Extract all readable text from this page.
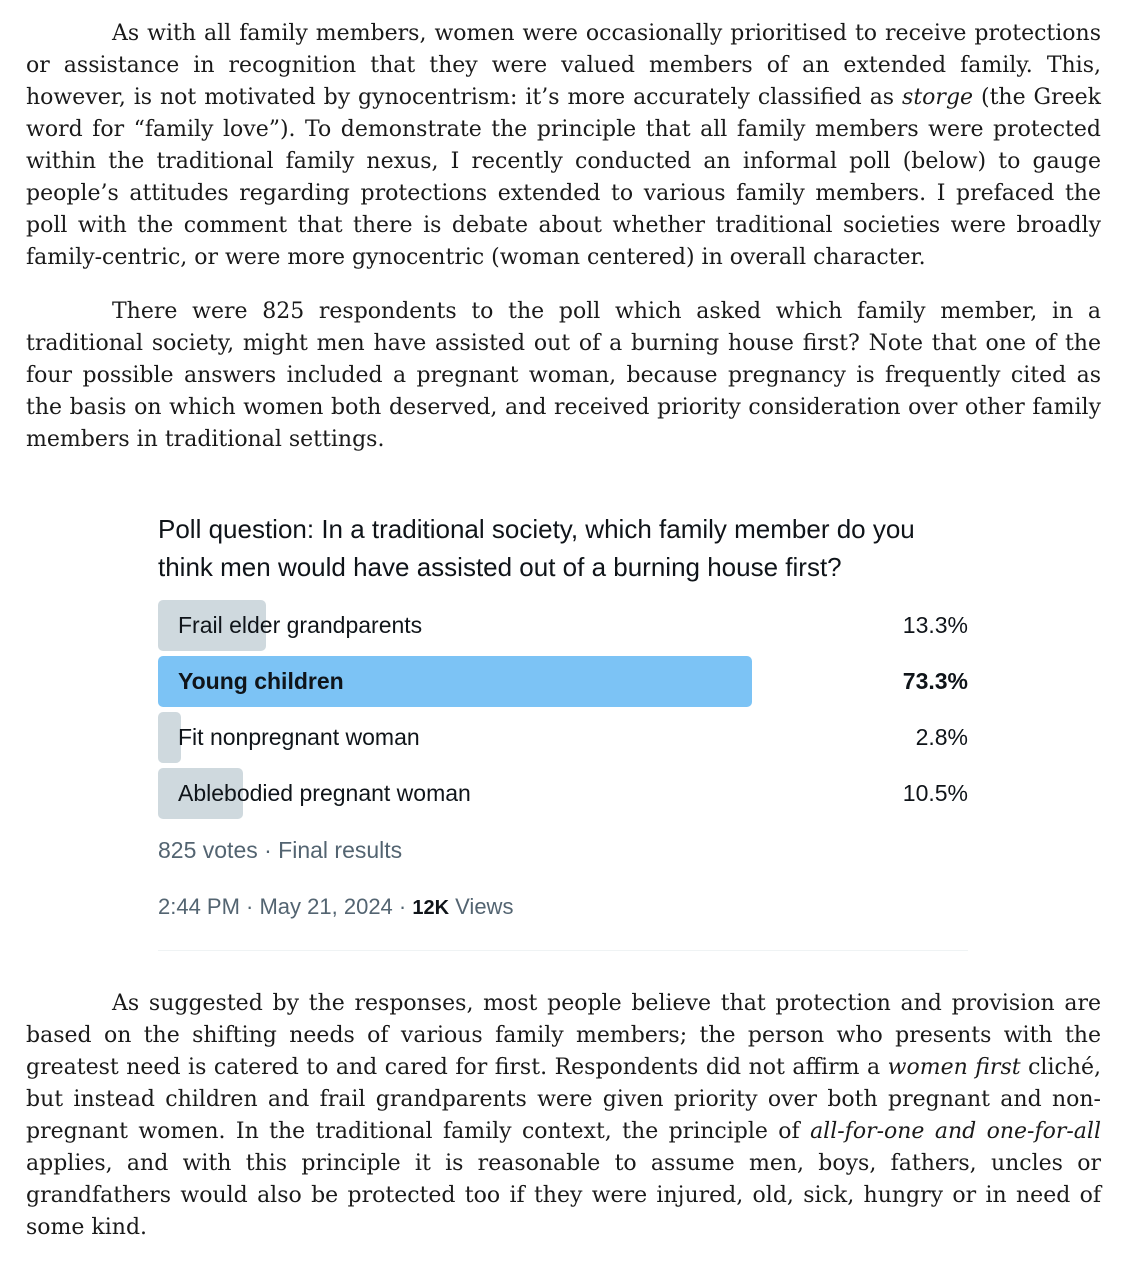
As with all family members, women were occasionally prioritised to receive protections or assistance in recognition that they were valued members of an extended family. This, however, is not motivated by gynocentrism: it’s more accurately classified as storge (the Greek word for “family love”). To demonstrate the principle that all family members were protected within the traditional family nexus, I recently conducted an informal poll (below) to gauge people’s attitudes regarding protections extended to various family members. I prefaced the poll with the comment that there is debate about whether traditional societies were broadly family-centric, or were more gynocentric (woman centered) in overall character.

There were 825 respondents to the poll which asked which family member, in a traditional society, might men have assisted out of a burning house first? Note that one of the four possible answers included a pregnant woman, because pregnancy is frequently cited as the basis on which women both deserved, and received priority consideration over other family members in traditional settings.

Poll question: In a traditional society, which family member do you think men would have assisted out of a burning house first?

Frail elder grandparents	13.3%
Young children	73.3%
Fit nonpregnant woman	2.8%
Ablebodied pregnant woman	10.5%
825 votes · Final results
2:44 PM · May 21, 2024 · 12K Views

As suggested by the responses, most people believe that protection and provision are based on the shifting needs of various family members; the person who presents with the greatest need is catered to and cared for first. Respondents did not affirm a women first cliché, but instead children and frail grandparents were given priority over both pregnant and non-pregnant women. In the traditional family context, the principle of all-for-one and one-for-all applies, and with this principle it is reasonable to assume men, boys, fathers, uncles or grandfathers would also be protected too if they were injured, old, sick, hungry or in need of some kind.
